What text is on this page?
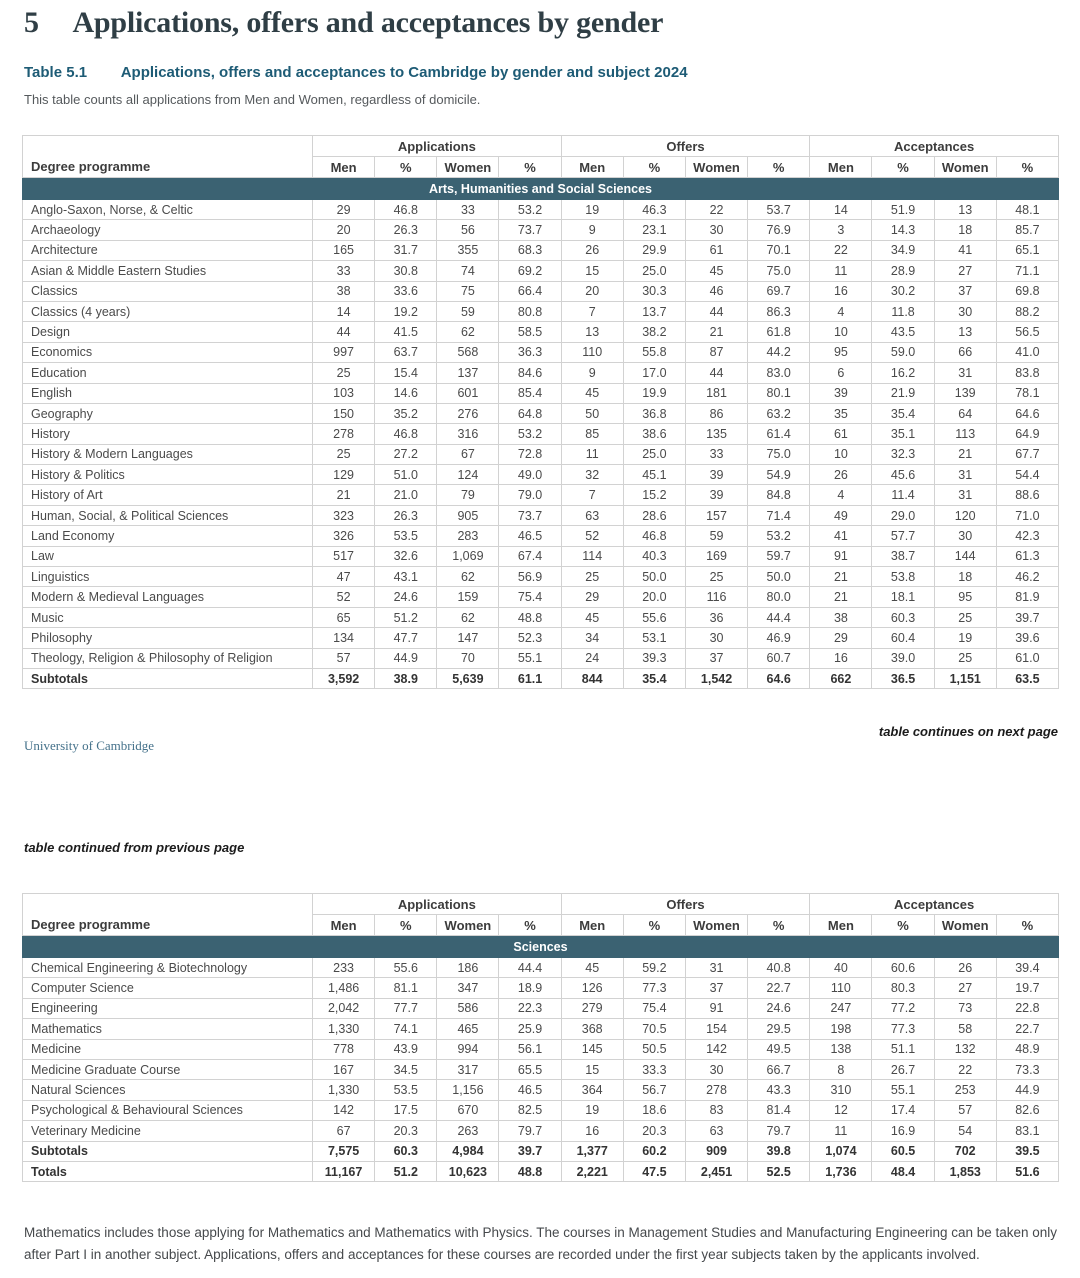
5 Applications, offers and acceptances by gender
Table 5.1 Applications, offers and acceptances to Cambridge by gender and subject 2024

This table counts all applications from Men and Women, regardless of domicile.

Degree programme	Applications				Offers				Acceptances			
	Men	%	Women	%	Men	%	Women	%	Men	%	Women	%
Arts, Humanities and Social Sciences												
Anglo-Saxon, Norse, & Celtic	29	46.8	33	53.2	19	46.3	22	53.7	14	51.9	13	48.1
Archaeology	20	26.3	56	73.7	9	23.1	30	76.9	3	14.3	18	85.7
Architecture	165	31.7	355	68.3	26	29.9	61	70.1	22	34.9	41	65.1
Asian & Middle Eastern Studies	33	30.8	74	69.2	15	25.0	45	75.0	11	28.9	27	71.1
Classics	38	33.6	75	66.4	20	30.3	46	69.7	16	30.2	37	69.8
Classics (4 years)	14	19.2	59	80.8	7	13.7	44	86.3	4	11.8	30	88.2
Design	44	41.5	62	58.5	13	38.2	21	61.8	10	43.5	13	56.5
Economics	997	63.7	568	36.3	110	55.8	87	44.2	95	59.0	66	41.0
Education	25	15.4	137	84.6	9	17.0	44	83.0	6	16.2	31	83.8
English	103	14.6	601	85.4	45	19.9	181	80.1	39	21.9	139	78.1
Geography	150	35.2	276	64.8	50	36.8	86	63.2	35	35.4	64	64.6
History	278	46.8	316	53.2	85	38.6	135	61.4	61	35.1	113	64.9
History & Modern Languages	25	27.2	67	72.8	11	25.0	33	75.0	10	32.3	21	67.7
History & Politics	129	51.0	124	49.0	32	45.1	39	54.9	26	45.6	31	54.4
History of Art	21	21.0	79	79.0	7	15.2	39	84.8	4	11.4	31	88.6
Human, Social, & Political Sciences	323	26.3	905	73.7	63	28.6	157	71.4	49	29.0	120	71.0
Land Economy	326	53.5	283	46.5	52	46.8	59	53.2	41	57.7	30	42.3
Law	517	32.6	1,069	67.4	114	40.3	169	59.7	91	38.7	144	61.3
Linguistics	47	43.1	62	56.9	25	50.0	25	50.0	21	53.8	18	46.2
Modern & Medieval Languages	52	24.6	159	75.4	29	20.0	116	80.0	21	18.1	95	81.9
Music	65	51.2	62	48.8	45	55.6	36	44.4	38	60.3	25	39.7
Philosophy	134	47.7	147	52.3	34	53.1	30	46.9	29	60.4	19	39.6
Theology, Religion & Philosophy of Religion	57	44.9	70	55.1	24	39.3	37	60.7	16	39.0	25	61.0
Subtotals	3,592	38.9	5,639	61.1	844	35.4	1,542	64.6	662	36.5	1,151	63.5
table continues on next page
University of Cambridge
table continued from previous page
Degree programme	Applications				Offers				Acceptances			
	Men	%	Women	%	Men	%	Women	%	Men	%	Women	%
Sciences												
Chemical Engineering & Biotechnology	233	55.6	186	44.4	45	59.2	31	40.8	40	60.6	26	39.4
Computer Science	1,486	81.1	347	18.9	126	77.3	37	22.7	110	80.3	27	19.7
Engineering	2,042	77.7	586	22.3	279	75.4	91	24.6	247	77.2	73	22.8
Mathematics	1,330	74.1	465	25.9	368	70.5	154	29.5	198	77.3	58	22.7
Medicine	778	43.9	994	56.1	145	50.5	142	49.5	138	51.1	132	48.9
Medicine Graduate Course	167	34.5	317	65.5	15	33.3	30	66.7	8	26.7	22	73.3
Natural Sciences	1,330	53.5	1,156	46.5	364	56.7	278	43.3	310	55.1	253	44.9
Psychological & Behavioural Sciences	142	17.5	670	82.5	19	18.6	83	81.4	12	17.4	57	82.6
Veterinary Medicine	67	20.3	263	79.7	16	20.3	63	79.7	11	16.9	54	83.1
Subtotals	7,575	60.3	4,984	39.7	1,377	60.2	909	39.8	1,074	60.5	702	39.5
Totals	11,167	51.2	10,623	48.8	2,221	47.5	2,451	52.5	1,736	48.4	1,853	51.6

Mathematics includes those applying for Mathematics and Mathematics with Physics. The courses in Management Studies and Manufacturing Engineering can be taken only after Part I in another subject. Applications, offers and acceptances for these courses are recorded under the first year subjects taken by the applicants involved.
